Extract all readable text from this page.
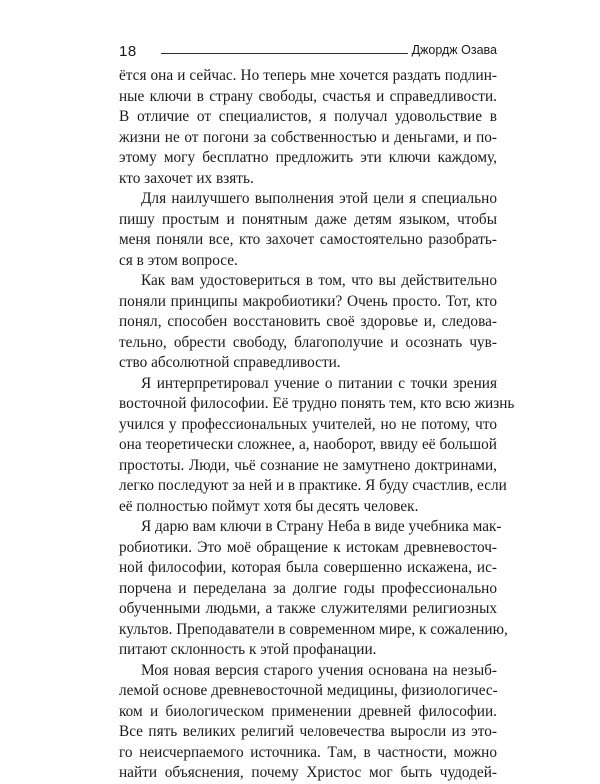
18	Джордж Озава
ётся она и сейчас. Но теперь мне хочется раздать подлин-
ные ключи в страну свободы, счастья и справедливости.
В отличие от специалистов, я получал удовольствие в
жизни не от погони за собственностью и деньгами, и по-
этому могу бесплатно предложить эти ключи каждому,
кто захочет их взять.
Для наилучшего выполнения этой цели я специально
пишу простым и понятным даже детям языком, чтобы
меня поняли все, кто захочет самостоятельно разобрать-
ся в этом вопросе.
Как вам удостовериться в том, что вы действительно
поняли принципы макробиотики? Очень просто. Тот, кто
понял, способен восстановить своё здоровье и, следова-
тельно, обрести свободу, благополучие и осознать чув-
ство абсолютной справедливости.
Я интерпретировал учение о питании с точки зрения
восточной философии. Её трудно понять тем, кто всю жизнь
учился у профессиональных учителей, но не потому, что
она теоретически сложнее, а, наоборот, ввиду её большой
простоты. Люди, чьё сознание не замутнено доктринами,
легко последуют за ней и в практике. Я буду счастлив, если
её полностью поймут хотя бы десять человек.
Я дарю вам ключи в Страну Неба в виде учебника мак-
робиотики. Это моё обращение к истокам древневосточ-
ной философии, которая была совершенно искажена, ис-
порчена и переделана за долгие годы профессионально
обученными людьми, а также служителями религиозных
культов. Преподаватели в современном мире, к сожалению,
питают склонность к этой профанации.
Моя новая версия старого учения основана на незыб-
лемой основе древневосточной медицины, физиологичес-
ком и биологическом применении древней философии.
Все пять великих религий человечества выросли из это-
го неисчерпаемого источника. Там, в частности, можно
найти объяснения, почему Христос мог быть чудодей-
